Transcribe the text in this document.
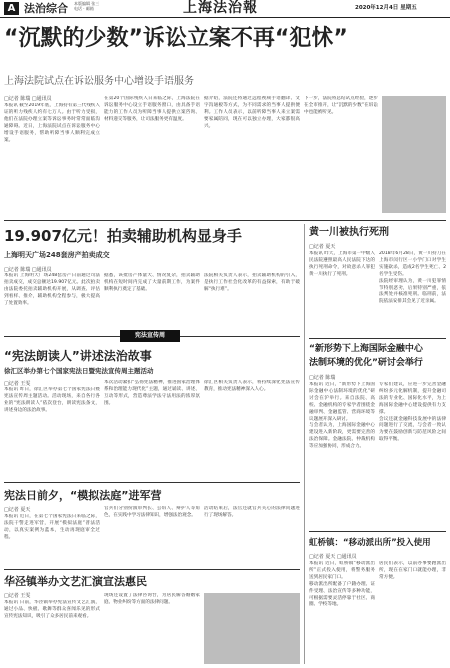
A 法治综合 本版编辑 张三
电话 · 邮箱	上海法治報	2020年12月4日 星期五
“沉默的少数”诉讼立案不再“犯怵”
上海法院试点在诉讼服务中心增设手语服务
□记者 陈瑞 □通讯员

本报讯 截至2019年底，上海持有第三代残疾人证的听力残疾人约有七万人。由于听力受损，他们在法院办理立案等诉讼事务时常常面临沟通障碍。近日，上海法院试点在诉讼服务中心增设手语服务，帮助听障当事人顺利完成立案。

在第20个国际残疾人日来临之际，上海法院在诉讼服务中心设立手语服务窗口，由具备手语能力的工作人员为听障当事人提供立案咨询、材料递交等服务，让司法服务更有温度。

据介绍，法院还将通过远程视频手语翻译、文字沟通板等方式，为不同需求的当事人提供便利。工作人员表示，以前听障当事人来立案需要家属陪同，现在可以独立办理，大家都很高兴。

下一步，法院将总结试点经验，逐步在全市推开，让“沉默的少数”在诉讼中也能被听见。

19.907亿元！拍卖辅助机构显身手
上海明天广场248套房产拍卖成交
□记者 陈瑞 □通讯员

本报讯 上海明天广场248套房产日前通过司法拍卖成交，成交总额达19.907亿元。此次拍卖由法院委托拍卖辅助机构开展，从调查、评估到看样、推介，辅助机构全程参与，极大提高了处置效率。

据悉，该批房产体量大、情况复杂，拍卖辅助机构在短时间内完成了大量前期工作，为案件顺利执行奠定了基础。

法院相关负责人表示，拍卖辅助机构的引入，是执行工作社会化改革的有益探索，有助于破解“执行难”。

黄一川被执行死刑
□记者 夏天

本报讯 昨天，上海市第一中级人民法院遵照最高人民法院下达的执行死刑命令，对故意杀人罪犯黄一川执行了死刑。

2018年6月28日，黄一川持刀在上海市闵行区一小学门口对学生实施砍杀，造成2名学生死亡、2名学生受伤。

法院经审理认为，黄一川犯罪情节特别恶劣，后果特别严重，依法判处并核准死刑。临刑前，法院依法安排其会见了近亲属。

“新形势下上海国际金融中心
法制环境的优化”研讨会举行
□记者 陈瑞

本报讯 近日，“新形势下上海国际金融中心法制环境的优化”研讨会在沪举行。来自法院、高校、金融机构的专家学者围绕金融审判、金融监管、营商环境等议题展开深入研讨。

与会者认为，上海国际金融中心建设进入新阶段，更需要完善的法治保障。金融法院、仲裁机构等应加强协同，形成合力。

专家们建议，应进一步完善金融纠纷多元化解机制，提升金融司法的专业化、国际化水平，为上海国际金融中心建设提供有力支撑。

会议还就金融科技发展中的法律问题进行了交流，与会者一致认为要在鼓励创新与防范风险之间取得平衡。

虹桥镇：“移动派出所”投入使用
□记者 夏天 □通讯员

本报讯 近日，虹桥镇“移动派出所”正式投入使用，将警务服务送到居民家门口。

移动派出所配备了户籍办理、证件受理、法治宣传等多种功能，可根据需要灵活停靠于社区、商圈、学校等地。

居民们表示，以前办事要跑派出所，现在在家门口就能办理，非常方便。

宪法宣传周
“宪法朗读人”讲述法治故事
徐汇区举办第七个国家宪法日暨宪法宣传周主题活动
□记者 王雯

本报讯 昨日，徐汇区举办第七个国家宪法日暨宪法宣传周主题活动。活动现场，来自各行各业的“宪法朗读人”依次登台，朗读宪法条文，讲述身边的法治故事。

本次活动紧扣“弘扬宪法精神，推进国家治理体系和治理能力现代化”主题，通过诵读、讲述、互动等形式，营造尊法学法守法用法的浓厚氛围。

徐汇区相关负责人表示，将持续深化宪法宣传教育，推动宪法精神深入人心。

宪法日前夕，“模拟法庭”进军营
□记者 夏天

本报讯 近日，在第七个国家宪法日来临之际，法院干警走进军营，开展“模拟法庭”普法活动，以真实案例为蓝本，生动再现庭审全过程。

官兵们分别扮演审判长、公诉人、辩护人等角色，在实践中学习法律知识，增强法治观念。

活动结束后，法官还就官兵关心的法律问题进行了现场解答。

华泾镇举办文艺汇演宣法惠民
□记者 王雯

本报讯 日前，华泾镇举办宪法宣传文艺汇演，通过小品、快板、歌舞等群众喜闻乐见的形式宣传宪法知识，吸引了众多居民前来观看。

现场还设置了法律咨询台，为居民解答婚姻家庭、物业纠纷等方面的法律问题。
